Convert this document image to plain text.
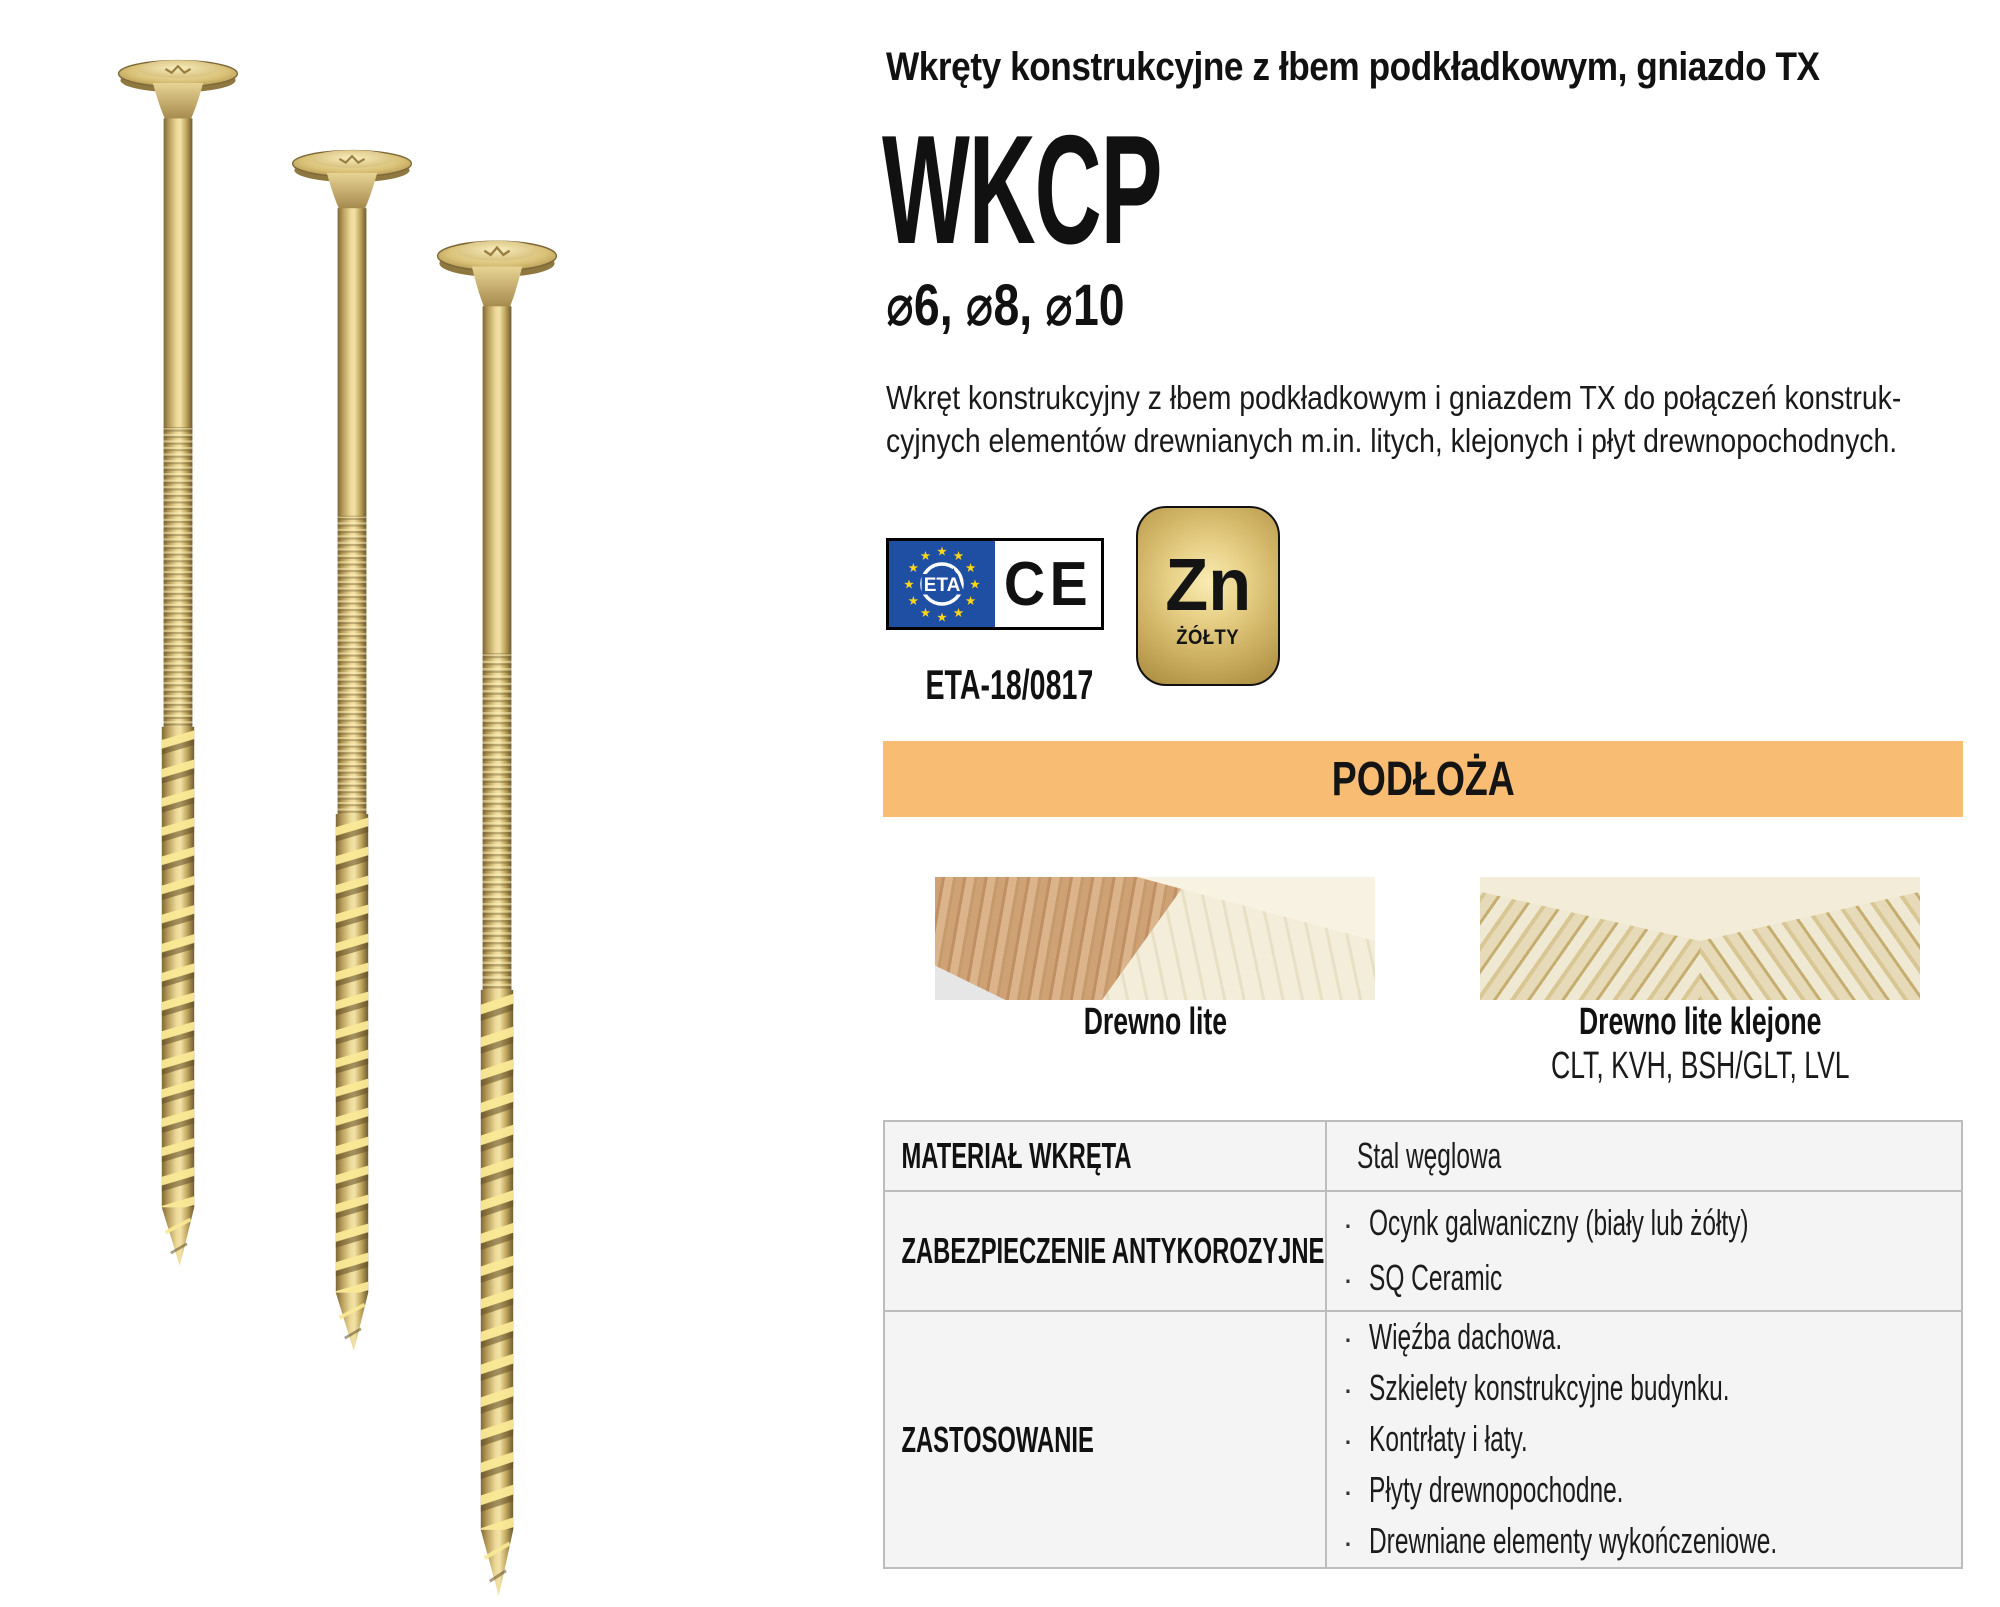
Wkręty konstrukcyjne z łbem podkładkowym, gniazdo TX
WKCP
⌀6, ⌀8, ⌀10
Wkręt konstrukcyjny z łbem podkładkowym i gniazdem TX do połączeń konstruk-
cyjnych elementów drewnianych m.in. litych, klejonych i płyt drewnopochodnych.
★ ★
★
★
★
★
★
★
★
★
★
★
ETA CE Zn
ŻÓŁTY
ETA-18/0817
PODŁOŻA
Drewno lite	Drewno lite klejone
CLT, KVH, BSH/GLT, LVL
MATERIAŁ WKRĘTA	Stal węglowa

ZABEZPIECZENIE ANTYKOROZYJNE	· Ocynk galwaniczny (biały lub żółty)
· SQ Ceramic

ZASTOSOWANIE	
· Więźba dachowa.
· Szkielety konstrukcyjne budynku.
· Kontrłaty i łaty.
· Płyty drewnopochodne.
· Drewniane elementy wykończeniowe.
